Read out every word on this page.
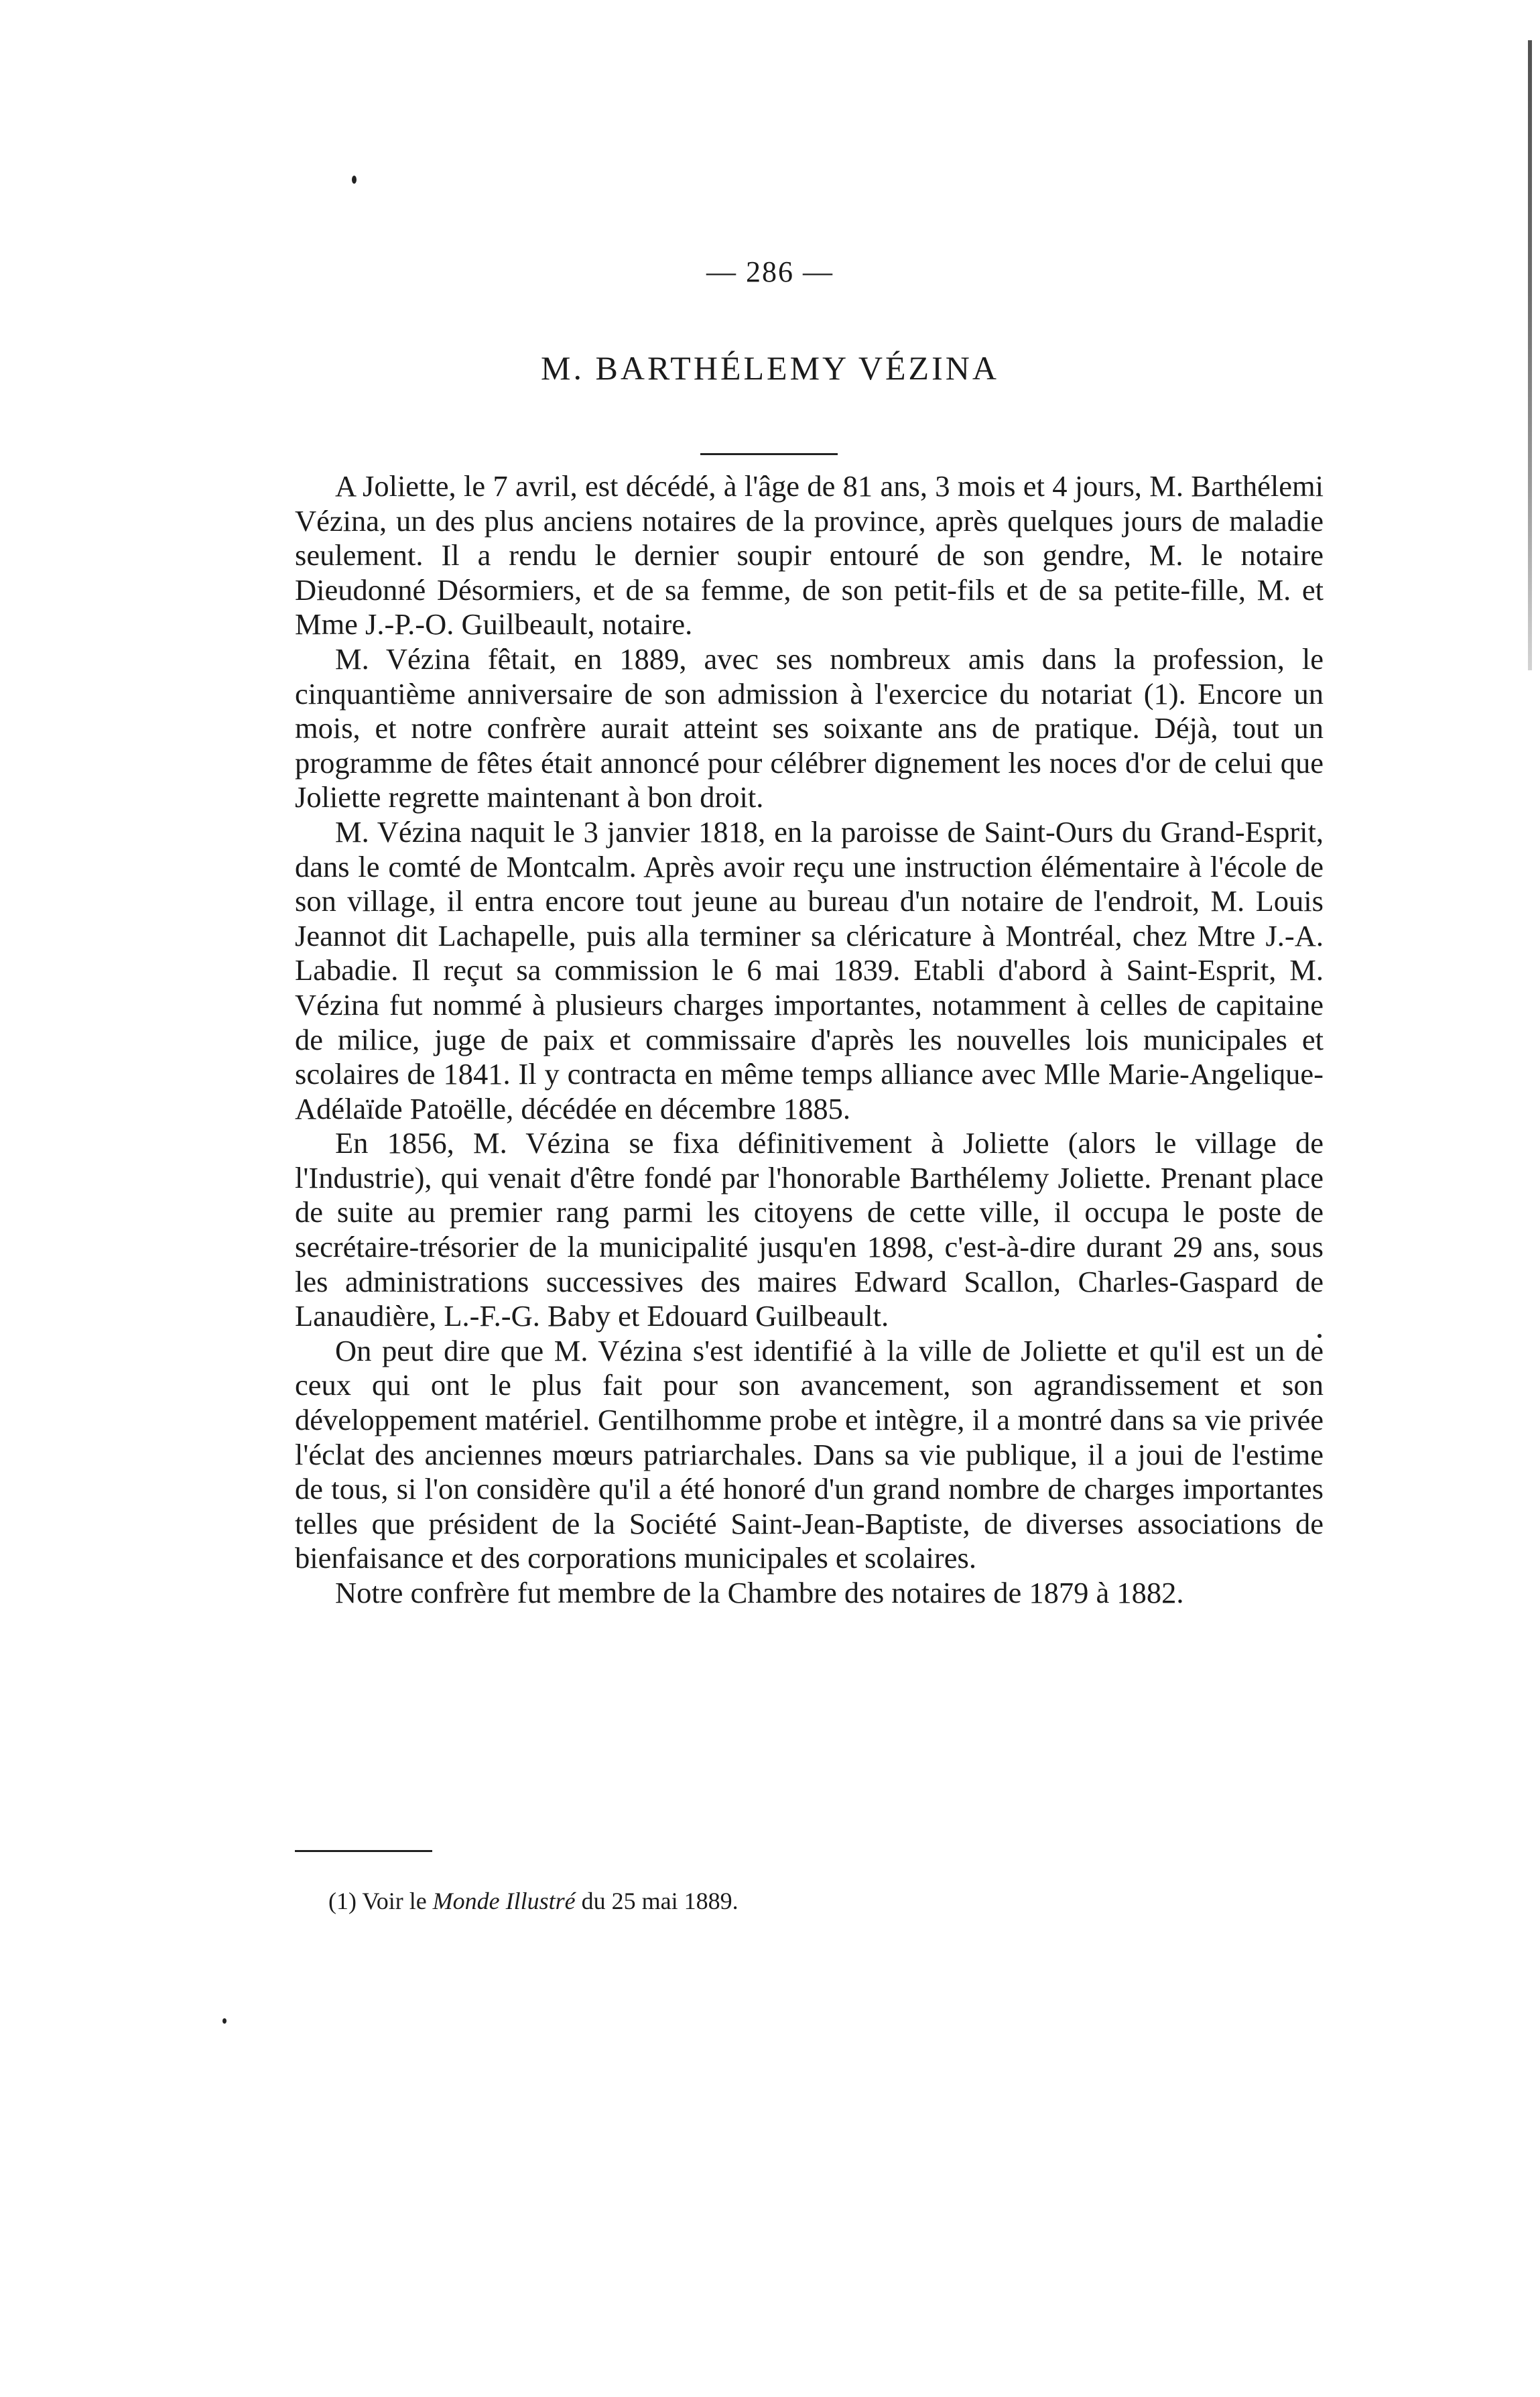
— 286 —
M. BARTHÉLEMY VÉZINA

A Joliette, le 7 avril, est décédé, à l'âge de 81 ans, 3 mois et 4 jours, M. Barthélemi Vézina, un des plus anciens notaires de la province, après quelques jours de maladie seulement. Il a rendu le dernier soupir entouré de son gendre, M. le notaire Dieudonné Désormiers, et de sa femme, de son petit-fils et de sa petite-fille, M. et Mme J.-P.-O. Guilbeault, notaire.

M. Vézina fêtait, en 1889, avec ses nombreux amis dans la profession, le cinquantième anniversaire de son admission à l'exercice du notariat (1). Encore un mois, et notre confrère aurait atteint ses soixante ans de pratique. Déjà, tout un programme de fêtes était annoncé pour célébrer dignement les noces d'or de celui que Joliette regrette maintenant à bon droit.

M. Vézina naquit le 3 janvier 1818, en la paroisse de Saint-Ours du Grand-Esprit, dans le comté de Montcalm. Après avoir reçu une instruction élémentaire à l'école de son village, il entra encore tout jeune au bureau d'un notaire de l'endroit, M. Louis Jeannot dit Lachapelle, puis alla terminer sa cléricature à Montréal, chez Mtre J.-A. Labadie. Il reçut sa commission le 6 mai 1839. Etabli d'abord à Saint-Esprit, M. Vézina fut nommé à plusieurs charges importantes, notamment à celles de capitaine de milice, juge de paix et commissaire d'après les nouvelles lois municipales et scolaires de 1841. Il y contracta en même temps alliance avec Mlle Marie-Angelique-Adélaïde Patoëlle, décédée en décembre 1885.

En 1856, M. Vézina se fixa définitivement à Joliette (alors le village de l'Industrie), qui venait d'être fondé par l'honorable Barthélemy Joliette. Prenant place de suite au premier rang parmi les citoyens de cette ville, il occupa le poste de secrétaire-trésorier de la municipalité jusqu'en 1898, c'est-à-dire durant 29 ans, sous les administrations successives des maires Edward Scallon, Charles-Gaspard de Lanaudière, L.-F.-G. Baby et Edouard Guilbeault.

On peut dire que M. Vézina s'est identifié à la ville de Joliette et qu'il est un de ceux qui ont le plus fait pour son avancement, son agrandissement et son développement matériel. Gentilhomme probe et intègre, il a montré dans sa vie privée l'éclat des anciennes mœurs patriarchales. Dans sa vie publique, il a joui de l'estime de tous, si l'on considère qu'il a été honoré d'un grand nombre de charges importantes telles que président de la Société Saint-Jean-Baptiste, de diverses associations de bienfaisance et des corporations municipales et scolaires.

Notre confrère fut membre de la Chambre des notaires de 1879 à 1882.

(1) Voir le Monde Illustré du 25 mai 1889.
